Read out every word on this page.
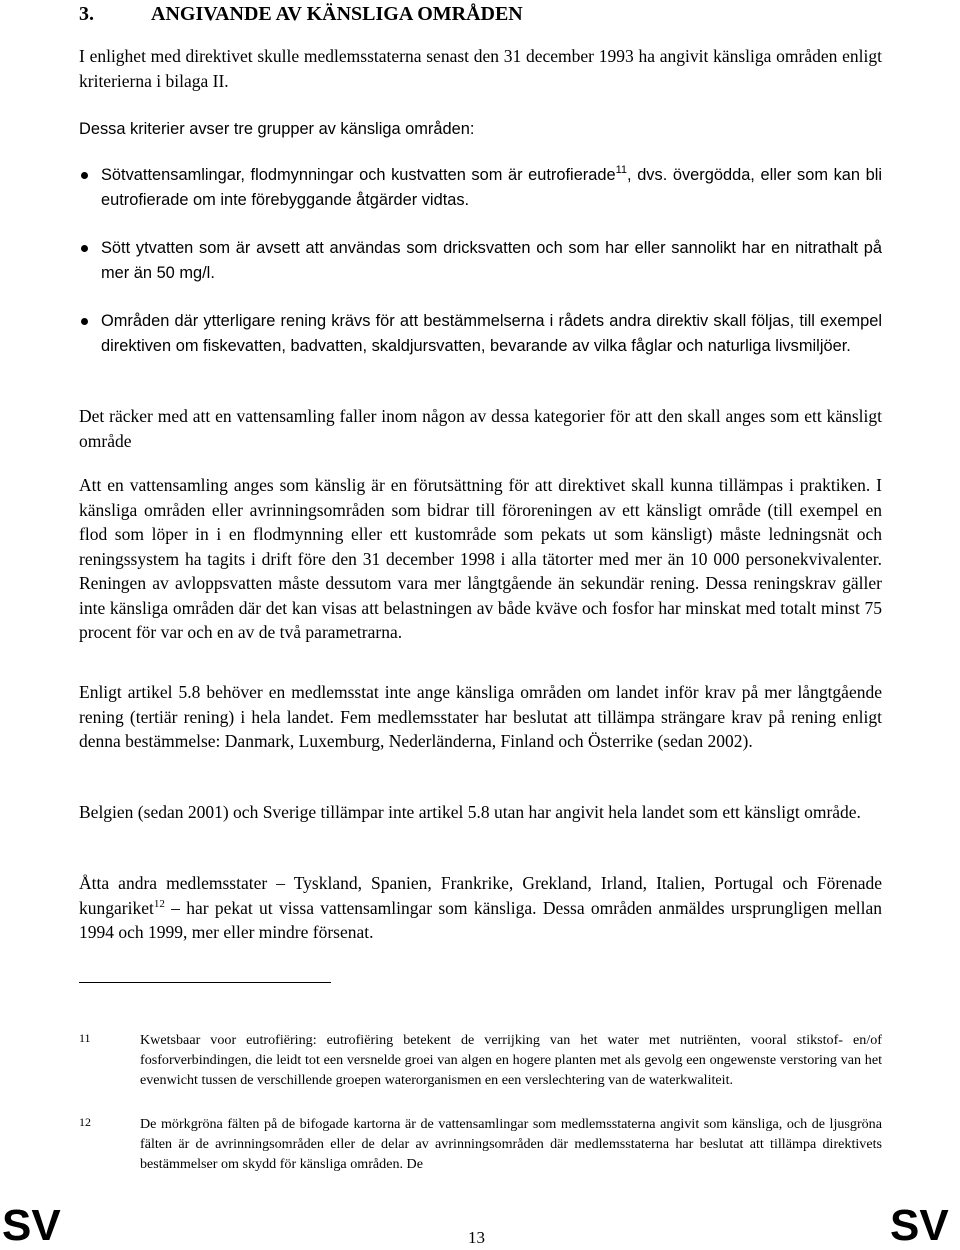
3.	ANGIVANDE AV KÄNSLIGA OMRÅDEN
I enlighet med direktivet skulle medlemsstaterna senast den 31 december 1993 ha angivit känsliga områden enligt kriterierna i bilaga II.
Dessa kriterier avser tre grupper av känsliga områden:
Sötvattensamlingar, flodmynningar och kustvatten som är eutrofierade$^{11}$, dvs. övergödda, eller som kan bli eutrofierade om inte förebyggande åtgärder vidtas.
Sött ytvatten som är avsett att användas som dricksvatten och som har eller sannolikt har en nitrathalt på mer än 50 mg/l.
Områden där ytterligare rening krävs för att bestämmelserna i rådets andra direktiv skall följas, till exempel direktiven om fiskevatten, badvatten, skaldjursvatten, bevarande av vilka fåglar och naturliga livsmiljöer.
Det räcker med att en vattensamling faller inom någon av dessa kategorier för att den skall anges som ett känsligt område
Att en vattensamling anges som känslig är en förutsättning för att direktivet skall kunna tillämpas i praktiken. I känsliga områden eller avrinningsområden som bidrar till föroreningen av ett känsligt område (till exempel en flod som löper in i en flodmynning eller ett kustområde som pekats ut som känsligt) måste ledningsnät och reningssystem ha tagits i drift före den 31 december 1998 i alla tätorter med mer än 10 000 personekvivalenter. Reningen av avloppsvatten måste dessutom vara mer långtgående än sekundär rening. Dessa reningskrav gäller inte känsliga områden där det kan visas att belastningen av både kväve och fosfor har minskat med totalt minst 75 procent för var och en av de två parametrarna.
Enligt artikel 5.8 behöver en medlemsstat inte ange känsliga områden om landet inför krav på mer långtgående rening (tertiär rening) i hela landet. Fem medlemsstater har beslutat att tillämpa strängare krav på rening enligt denna bestämmelse: Danmark, Luxemburg, Nederländerna, Finland och Österrike (sedan 2002).
Belgien (sedan 2001) och Sverige tillämpar inte artikel 5.8 utan har angivit hela landet som ett känsligt område.
Åtta andra medlemsstater – Tyskland, Spanien, Frankrike, Grekland, Irland, Italien, Portugal och Förenade kungariket$^{12}$ – har pekat ut vissa vattensamlingar som känsliga. Dessa områden anmäldes ursprungligen mellan 1994 och 1999, mer eller mindre försenat.
11	Kwetsbaar voor eutrofiëring: eutrofiëring betekent de verrijking van het water met nutriënten, vooral stikstof- en/of fosforverbindingen, die leidt tot een versnelde groei van algen en hogere planten met als gevolg een ongewenste verstoring van het evenwicht tussen de verschillende groepen waterorganismen en een verslechtering van de waterkwaliteit.
12	De mörkgröna fälten på de bifogade kartorna är de vattensamlingar som medlemsstaterna angivit som känsliga, och de ljusgröna fälten är de avrinningsområden eller de delar av avrinningsområden där medlemsstaterna har beslutat att tillämpa direktivets bestämmelser om skydd för känsliga områden. De
SV	13	SV
